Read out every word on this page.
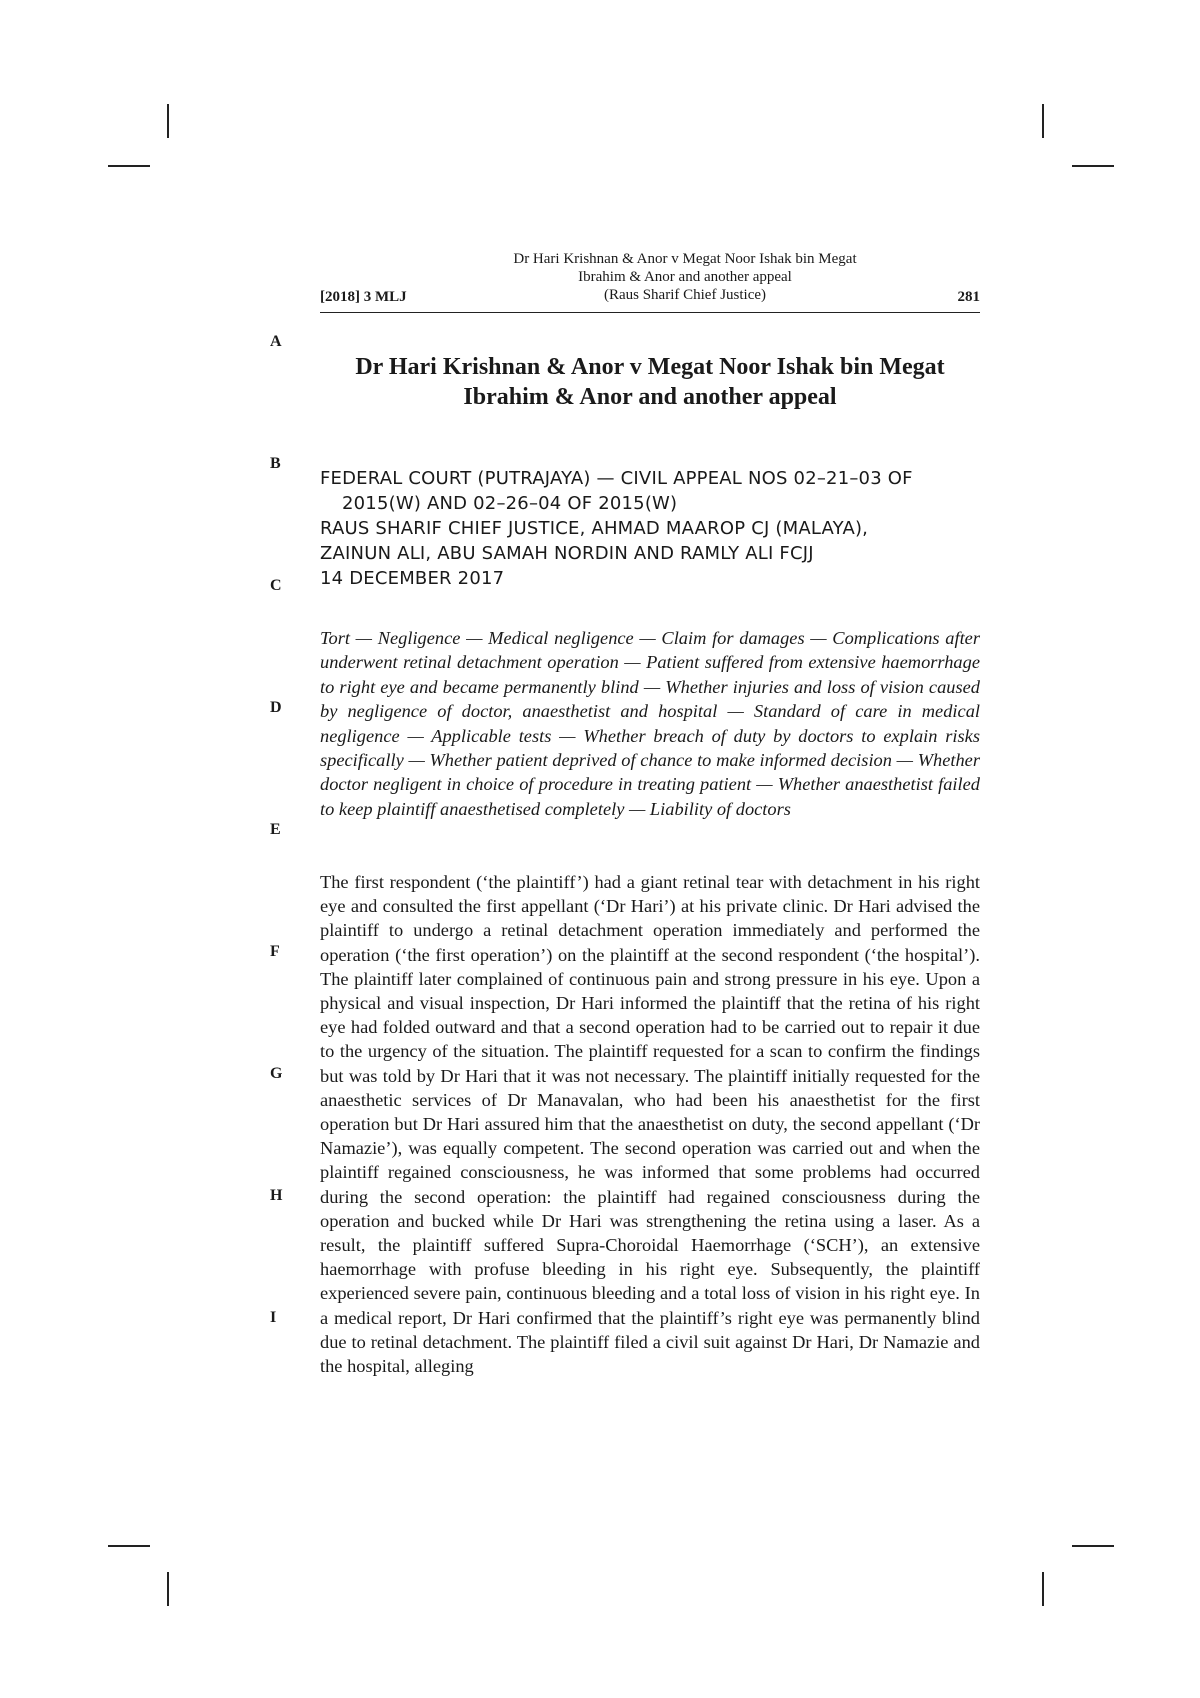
[2018] 3 MLJ
Dr Hari Krishnan & Anor v Megat Noor Ishak bin Megat
Ibrahim & Anor and another appeal
(Raus Sharif Chief Justice)	281
A
B
C
D
E
F
G
H
I
Dr Hari Krishnan & Anor v Megat Noor Ishak bin Megat
Ibrahim & Anor and another appeal
FEDERAL COURT (PUTRAJAYA) — CIVIL APPEAL NOS 02–21–03 OF
2015(W) AND 02–26–04 OF 2015(W)
RAUS SHARIF CHIEF JUSTICE, AHMAD MAAROP CJ (MALAYA),
ZAINUN ALI, ABU SAMAH NORDIN AND RAMLY ALI FCJJ
14 DECEMBER 2017
Tort — Negligence — Medical negligence — Claim for damages — Complications after underwent retinal detachment operation — Patient suffered from extensive haemorrhage to right eye and became permanently blind — Whether injuries and loss of vision caused by negligence of doctor, anaesthetist and hospital — Standard of care in medical negligence — Applicable tests — Whether breach of duty by doctors to explain risks specifically — Whether patient deprived of chance to make informed decision — Whether doctor negligent in choice of procedure in treating patient — Whether anaesthetist failed to keep plaintiff anaesthetised completely — Liability of doctors
The first respondent (‘the plaintiff’) had a giant retinal tear with detachment in his right eye and consulted the first appellant (‘Dr Hari’) at his private clinic. Dr Hari advised the plaintiff to undergo a retinal detachment operation immediately and performed the operation (‘the first operation’) on the plaintiff at the second respondent (‘the hospital’). The plaintiff later complained of continuous pain and strong pressure in his eye. Upon a physical and visual inspection, Dr Hari informed the plaintiff that the retina of his right eye had folded outward and that a second operation had to be carried out to repair it due to the urgency of the situation. The plaintiff requested for a scan to confirm the findings but was told by Dr Hari that it was not necessary. The plaintiff initially requested for the anaesthetic services of Dr Manavalan, who had been his anaesthetist for the first operation but Dr Hari assured him that the anaesthetist on duty, the second appellant (‘Dr Namazie’), was equally competent. The second operation was carried out and when the plaintiff regained consciousness, he was informed that some problems had occurred during the second operation: the plaintiff had regained consciousness during the operation and bucked while Dr Hari was strengthening the retina using a laser. As a result, the plaintiff suffered Supra-Choroidal Haemorrhage (‘SCH’), an extensive haemorrhage with profuse bleeding in his right eye. Subsequently, the plaintiff experienced severe pain, continuous bleeding and a total loss of vision in his right eye. In a medical report, Dr Hari confirmed that the plaintiff’s right eye was permanently blind due to retinal detachment. The plaintiff filed a civil suit against Dr Hari, Dr Namazie and the hospital, alleging
